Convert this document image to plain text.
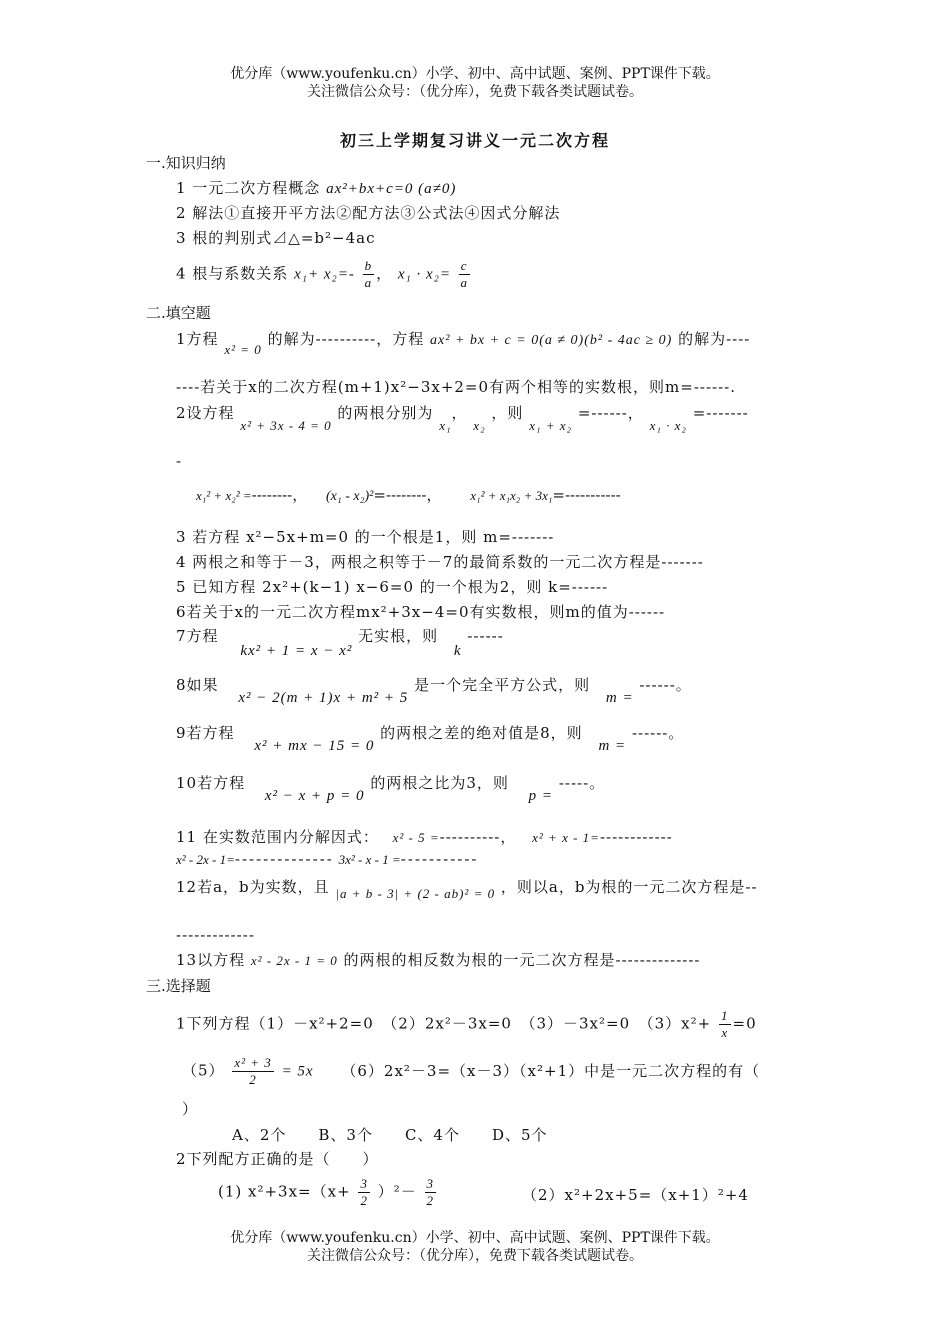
优分库（www.youfenku.cn）小学、初中、高中试题、案例、PPT课件下载。
关注微信公众号：（优分库），免费下载各类试题试卷。
初三上学期复习讲义一元二次方程
一.知识归纳
1 一元二次方程概念 ax²+bx+c=0 (a≠0)
2 解法①直接开平方法②配方法③公式法④因式分解法
3 根的判别式⊿△=b²−4ac
4 根与系数关系 $x_1+ x_2=- \frac{b}{a}$ ， $x_1 \cdot x_2= \frac{c}{a}$
二.填空题
1方程 x² = 0 的解为----------，方程 ax² + bx + c = 0(a ≠ 0)(b² - 4ac ≥ 0) 的解为----
----若关于x的二次方程(m+1)x²−3x+2=0有两个相等的实数根，则m=------.
2设方程 x² + 3x - 4 = 0 的两根分别为 x₁， x₂ ，则 x₁ + x₂ =------， x₁ · x₂ =-------
-
x₁² + x₂² =--------， (x₁ - x₂)²=--------， x₁² + x₁x₂ + 3x₁=-----------
3 若方程 x²−5x+m=0 的一个根是1，则 m=-------
4 两根之和等于－3，两根之积等于－7的最简系数的一元二次方程是-------
5 已知方程 2x²+(k−1) x−6=0 的一个根为2，则 k=------
6若关于x的一元二次方程mx²+3x−4=0有实数根，则m的值为------
7方程 kx² + 1 = x − x² 无实根，则 k ------
8如果 x² − 2(m + 1)x + m² + 5 是一个完全平方公式，则 m = ------。
9若方程 x² + mx − 15 = 0 的两根之差的绝对值是8，则 m = ------。
10若方程 x² − x + p = 0 的两根之比为3，则 p = -----。
11 在实数范围内分解因式： x² - 5 =----------， x² + x - 1=------------
x² - 2x - 1=-------------- 3x² - x - 1 =-----------
12若a，b为实数，且 |a + b - 3| + (2 - ab)² = 0 ，则以a，b为根的一元二次方程是--
-------------
13以方程 x² - 2x - 1 = 0 的两根的相反数为根的一元二次方程是--------------
三.选择题
1下列方程（1）－x²+2=0　（2）2x²－3x=0　（3）－3x²=0　$(3)x^2+ \frac{1}{x} =0$
$(5) \frac{\text{x² + 3}}{2} = 5x$ （6）2x²－3=（x－3）（x²+1）中是一元二次方程的有（
）
A、2个　　B、3个　　C、4个　　D、5个
2下列配方正确的是（　　）
(1) $x^2+3x=(x+ \frac{3}{2} )^2- \frac{3}{2}$	（2）x²+2x+5=（x+1）²+4
优分库（www.youfenku.cn）小学、初中、高中试题、案例、PPT课件下载。
关注微信公众号：（优分库），免费下载各类试题试卷。
